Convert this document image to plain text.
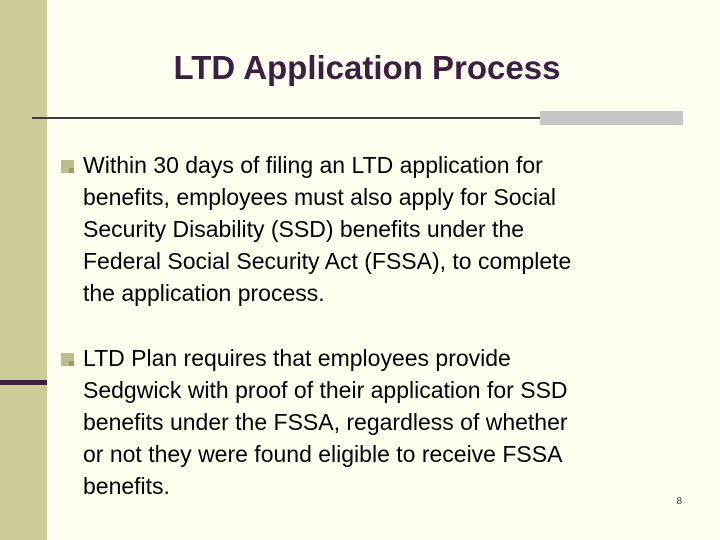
LTD Application Process
Within 30 days of filing an LTD application for
benefits, employees must also apply for Social
Security Disability (SSD) benefits under the
Federal Social Security Act (FSSA), to complete
the application process.
LTD Plan requires that employees provide
Sedgwick with proof of their application for SSD
benefits under the FSSA, regardless of whether
or not they were found eligible to receive FSSA
benefits.
8
